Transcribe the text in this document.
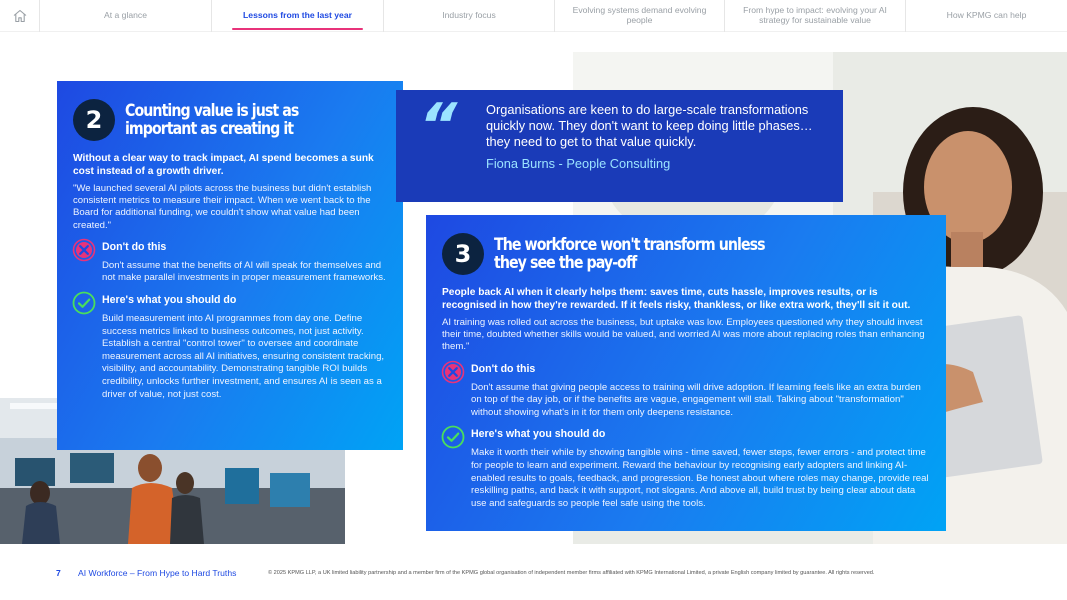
At a glance	Lessons from the last year	Industry focus	Evolving systems demand evolving people
From hype to impact: evolving your AI strategy for sustainable value	How KPMG can help
2	Counting value is just as
important as creating it
Without a clear way to track impact, AI spend becomes a sunk cost instead of a growth driver.
"We launched several AI pilots across the business but didn't establish consistent metrics to measure their impact. When we went back to the Board for additional funding, we couldn't show what value had been created."
Don't do this
Don't assume that the benefits of AI will speak for themselves and not make parallel investments in proper measurement frameworks.
Here's what you should do
Build measurement into AI programmes from day one. Define success metrics linked to business outcomes, not just activity. Establish a central "control tower" to oversee and coordinate measurement across all AI initiatives, ensuring consistent tracking, visibility, and accountability. Demonstrating tangible ROI builds credibility, unlocks further investment, and ensures AI is seen as a driver of value, not just cost.
“ Organisations are keen to do large-scale transformations quickly now. They don't want to keep doing little phases… they need to get to that value quickly.
Fiona Burns - People Consulting
3	The workforce won't transform unless
they see the pay-off
People back AI when it clearly helps them: saves time, cuts hassle, improves results, or is recognised in how they're rewarded. If it feels risky, thankless, or like extra work, they'll sit it out.
AI training was rolled out across the business, but uptake was low. Employees questioned why they should invest their time, doubted whether skills would be valued, and worried AI was more about replacing roles than enhancing them."
Don't do this
Don't assume that giving people access to training will drive adoption. If learning feels like an extra burden on top of the day job, or if the benefits are vague, engagement will stall. Talking about "transformation" without showing what's in it for them only deepens resistance.
Here's what you should do
Make it worth their while by showing tangible wins - time saved, fewer steps, fewer errors - and protect time for people to learn and experiment. Reward the behaviour by recognising early adopters and linking AI-enabled results to goals, feedback, and progression. Be honest about where roles may change, provide real reskilling paths, and back it with support, not slogans. And above all, build trust by being clear about data use and safeguards so people feel safe using the tools.
7 AI Workforce – From Hype to Hard Truths	© 2025 KPMG LLP, a UK limited liability partnership and a member firm of the KPMG global organisation of independent member firms affiliated with KPMG International Limited, a private English company limited by guarantee. All rights reserved.
